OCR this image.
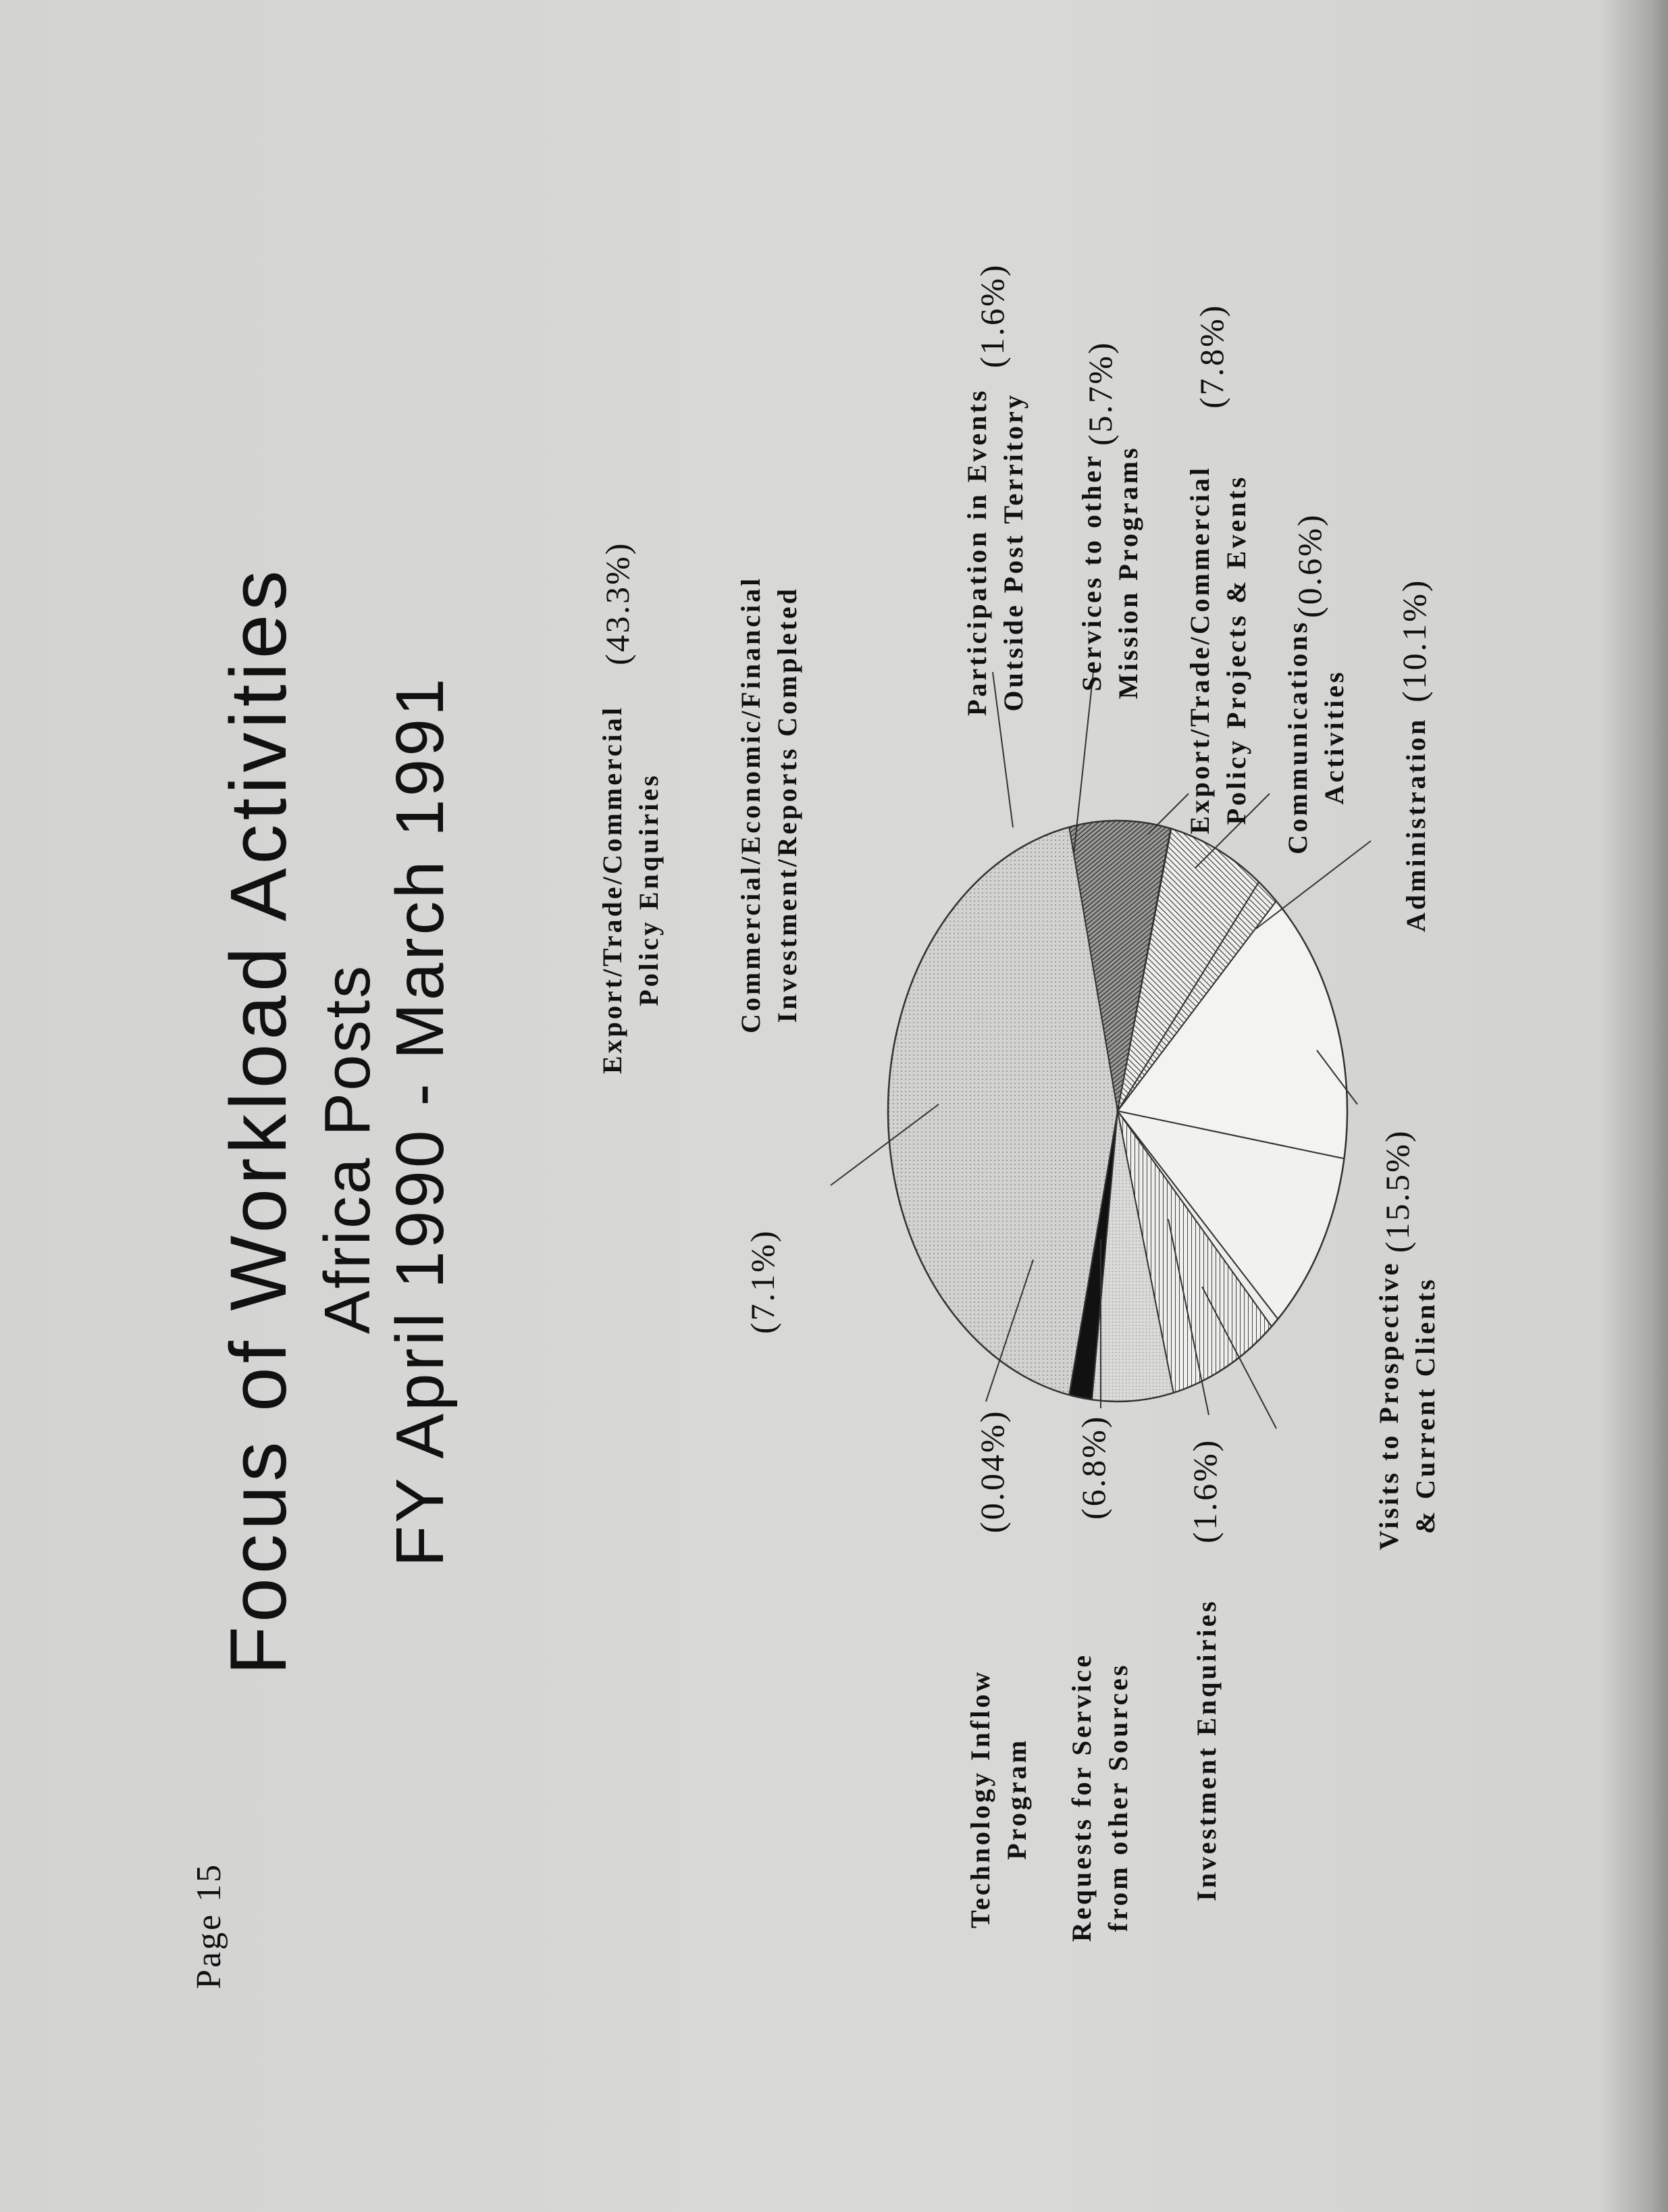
Focus of Workload Activities Africa Posts
FY April 1990 - March 1991
Page 15
Export/Trade/Commercial Policy Enquiries
(43.3%)	Commercial/Economic/Financial Investment/Reports Completed
(7.1%)
Technology Inflow Program
(0.04%)
Requests for Service from other Sources
(6.8%)
Investment Enquiries
(1.6%)	Visits to Prospective & Current Clients
(15.5%)
Administration
(10.1%)
Communications Activities
(0.6%)
Export/Trade/Commercial Policy Projects & Events
(7.8%)
Services to other Mission Programs
(5.7%)
Participation in Events Outside Post Territory
(1.6%)
